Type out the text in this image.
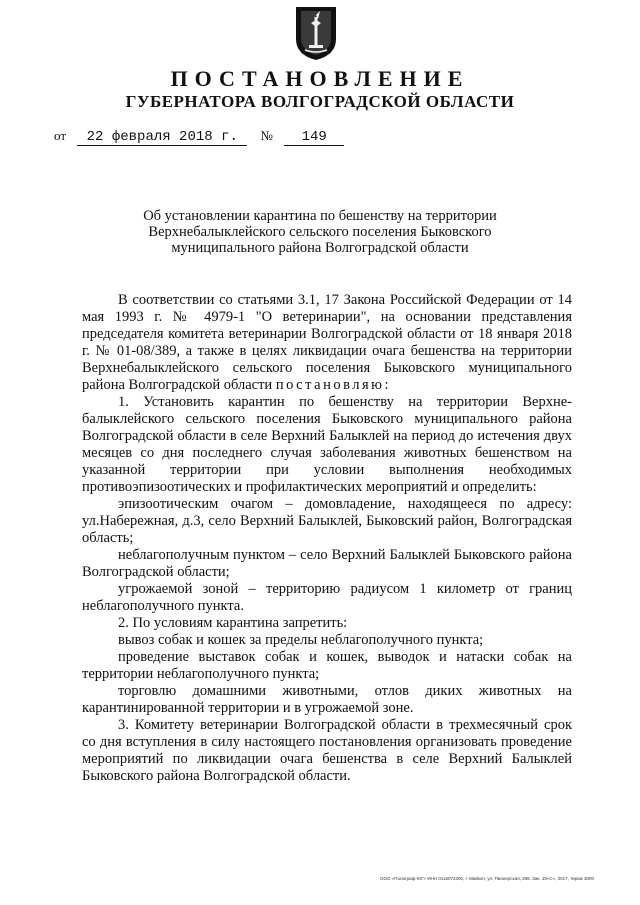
ПОСТАНОВЛЕНИЕ
ГУБЕРНАТОРА ВОЛГОГРАДСКОЙ ОБЛАСТИ
от 22 февраля 2018 г. № 149
Об установлении карантина по бешенству на территории
Верхнебалыклейского сельского поселения Быковского
муниципального района Волгоградской области

В соответствии со статьями 3.1, 17 Закона Российской Федерации от 14 мая 1993 г. № 4979-1 "О ветеринарии", на основании представления председателя комитета ветеринарии Волгоградской области от 18 января 2018 г. № 01-08/389, а также в целях ликвидации очага бешенства на территории Верхнебалыклейского сельского поселения Быковского муниципального района Волгоградской области постановляю:

1. Установить карантин по бешенству на территории Верхне-балыклейского сельского поселения Быковского муниципального района Волгоградской области в селе Верхний Балыклей на период до истечения двух месяцев со дня последнего случая заболевания животных бешенством на указанной территории при условии выполнения необходимых противоэпизоотических и профилактических мероприятий и определить:

эпизоотическим очагом – домовладение, находящееся по адресу: ул.Набережная, д.3, село Верхний Балыклей, Быковский район, Волгоградская область;

неблагополучным пунктом – село Верхний Балыклей Быковского района Волгоградской области;

угрожаемой зоной – территорию радиусом 1 километр от границ неблагополучного пункта.

2. По условиям карантина запретить:

вывоз собак и кошек за пределы неблагополучного пункта;

проведение выставок собак и кошек, выводок и натаски собак на территории неблагополучного пункта;

торговлю домашними животными, отлов диких животных на карантинированной территории и в угрожаемой зоне.

3. Комитету ветеринарии Волгоградской области в трехмесячный срок со дня вступления в силу настоящего постановления организовать проведение мероприятий по ликвидации очага бешенства в селе Верхний Балыклей Быковского района Волгоградской области.

ООО «Полиграф-ЮГ» ИНН 0116072300, г. Майкоп, ул. Пионерская, 298. Зак. 19«С», 2017, тираж 3000
